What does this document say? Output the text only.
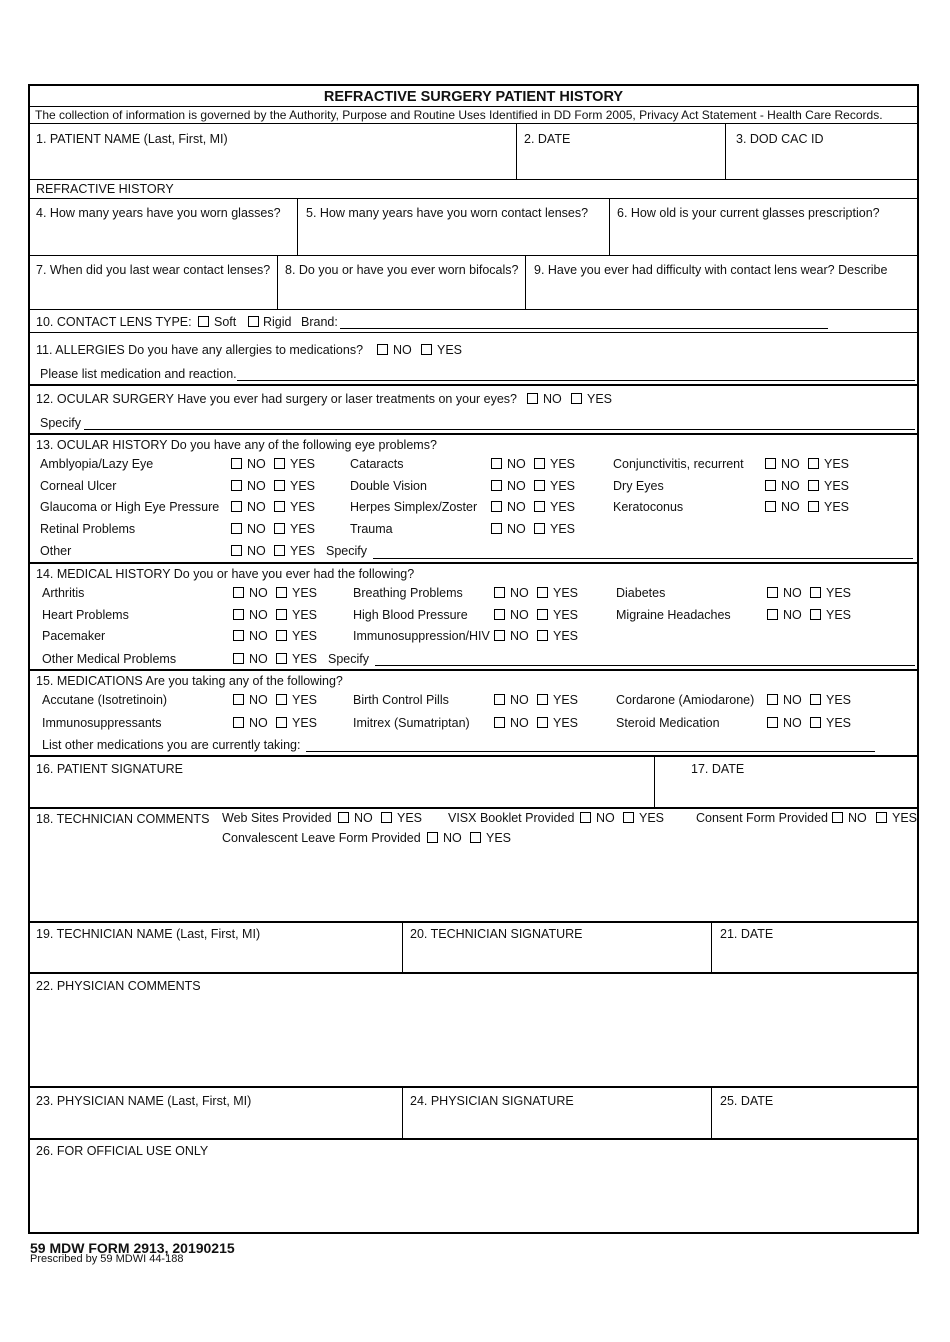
REFRACTIVE SURGERY PATIENT HISTORY
The collection of information is governed by the Authority, Purpose and Routine Uses Identified in DD Form 2005, Privacy Act Statement - Health Care Records.
1. PATIENT NAME (Last, First, MI)	2. DATE	3. DOD CAC ID
REFRACTIVE HISTORY
4. How many years have you worn glasses? 5. How many years have you worn contact lenses? 6. How old is your current glasses prescription?
7. When did you last wear contact lenses? 8. Do you or have you ever worn bifocals? 9. Have you ever had difficulty with contact lens wear? Describe
10. CONTACT LENS TYPE: Soft Rigid Brand:
11. ALLERGIES Do you have any allergies to medications? NO YES
Please list medication and reaction.
12. OCULAR SURGERY Have you ever had surgery or laser treatments on your eyes? NO YES
Specify
13. OCULAR HISTORY Do you have any of the following eye problems?
Amblyopia/Lazy Eye	NO YES	Cataracts	NO YES	Conjunctivitis, recurrent	NO YES
Corneal Ulcer	NO YES	Double Vision	NO YES	Dry Eyes	NO YES
Glaucoma or High Eye Pressure NO YES	Herpes Simplex/Zoster NO YES	Keratoconus	NO YES
Retinal Problems	NO YES	Trauma	NO YES
Other	NO YES Specify
14. MEDICAL HISTORY Do you or have you ever had the following?
Arthritis	NO YES	Breathing Problems	NO YES	Diabetes	NO YES
Heart Problems	NO YES	High Blood Pressure	NO YES	Migraine Headaches	NO YES
Pacemaker	NO YES	Immunosuppression/HIV NO YES
Other Medical Problems	NO YES Specify
15. MEDICATIONS Are you taking any of the following?
Accutane (Isotretinoin)	NO YES	Birth Control Pills	NO YES	Cordarone (Amiodarone) NO YES
Immunosuppressants	NO YES	Imitrex (Sumatriptan)	NO YES	Steroid Medication	NO YES
List other medications you are currently taking:
16. PATIENT SIGNATURE	17. DATE
18. TECHNICIAN COMMENTS Web Sites Provided NO YES VISX Booklet Provided NO YES	Consent Form Provided NO YES
Convalescent Leave Form Provided NO YES
19. TECHNICIAN NAME (Last, First, MI)	20. TECHNICIAN SIGNATURE	21. DATE
22. PHYSICIAN COMMENTS
23. PHYSICIAN NAME (Last, First, MI)	24. PHYSICIAN SIGNATURE	25. DATE
26. FOR OFFICIAL USE ONLY
59 MDW FORM 2913, 20190215
Prescribed by 59 MDWI 44-188
